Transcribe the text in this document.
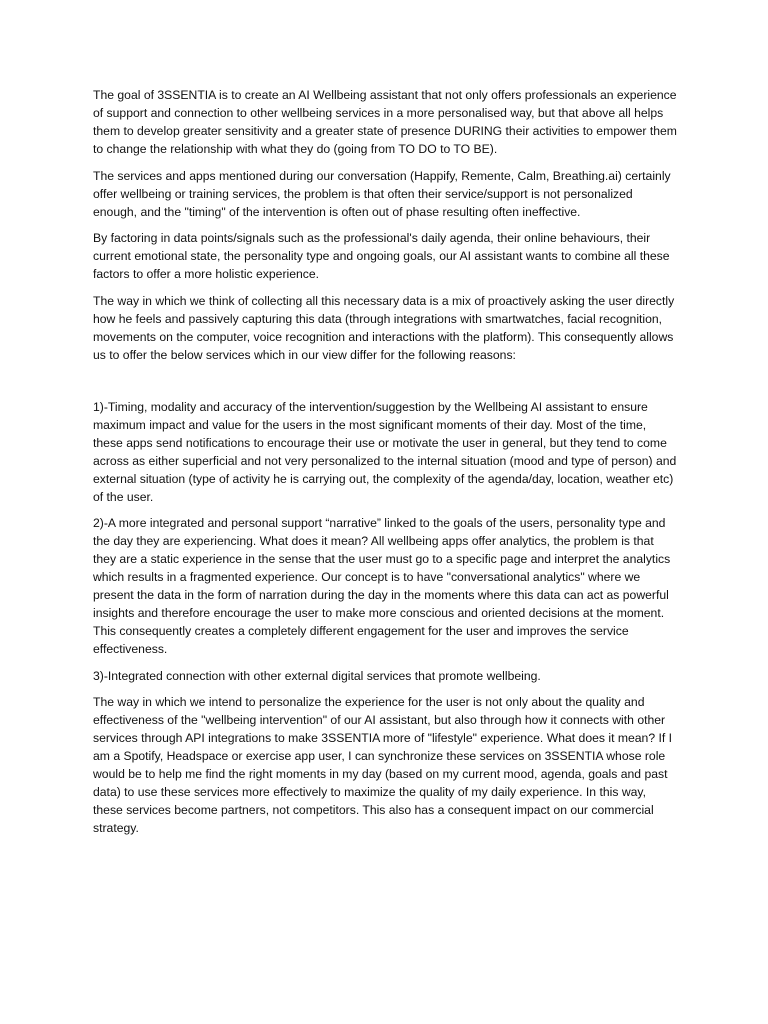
The goal of 3SSENTIA is to create an AI Wellbeing assistant that not only offers professionals an experience of support and connection to other wellbeing services in a more personalised way, but that above all helps them to develop greater sensitivity and a greater state of presence DURING their activities to empower them to change the relationship with what they do (going from TO DO to TO BE).

The services and apps mentioned during our conversation (Happify, Remente, Calm, Breathing.ai) certainly offer wellbeing or training services, the problem is that often their service/support is not personalized enough, and the "timing" of the intervention is often out of phase resulting often ineffective.

By factoring in data points/signals such as the professional's daily agenda, their online behaviours, their current emotional state, the personality type and ongoing goals, our AI assistant wants to combine all these factors to offer a more holistic experience.

The way in which we think of collecting all this necessary data is a mix of proactively asking the user directly how he feels and passively capturing this data (through integrations with smartwatches, facial recognition, movements on the computer, voice recognition and interactions with the platform). This consequently allows us to offer the below services which in our view differ for the following reasons:

1)-Timing, modality and accuracy of the intervention/suggestion by the Wellbeing AI assistant to ensure maximum impact and value for the users in the most significant moments of their day. Most of the time, these apps send notifications to encourage their use or motivate the user in general, but they tend to come across as either superficial and not very personalized to the internal situation (mood and type of person) and external situation (type of activity he is carrying out, the complexity of the agenda/day, location, weather etc) of the user.

2)-A more integrated and personal support “narrative” linked to the goals of the users, personality type and the day they are experiencing. What does it mean? All wellbeing apps offer analytics, the problem is that they are a static experience in the sense that the user must go to a specific page and interpret the analytics which results in a fragmented experience. Our concept is to have "conversational analytics" where we present the data in the form of narration during the day in the moments where this data can act as powerful insights and therefore encourage the user to make more conscious and oriented decisions at the moment. This consequently creates a completely different engagement for the user and improves the service effectiveness.

3)-Integrated connection with other external digital services that promote wellbeing.

The way in which we intend to personalize the experience for the user is not only about the quality and effectiveness of the "wellbeing intervention" of our AI assistant, but also through how it connects with other services through API integrations to make 3SSENTIA more of "lifestyle" experience. What does it mean? If I am a Spotify, Headspace or exercise app user, I can synchronize these services on 3SSENTIA whose role would be to help me find the right moments in my day (based on my current mood, agenda, goals and past data) to use these services more effectively to maximize the quality of my daily experience. In this way, these services become partners, not competitors. This also has a consequent impact on our commercial strategy.
